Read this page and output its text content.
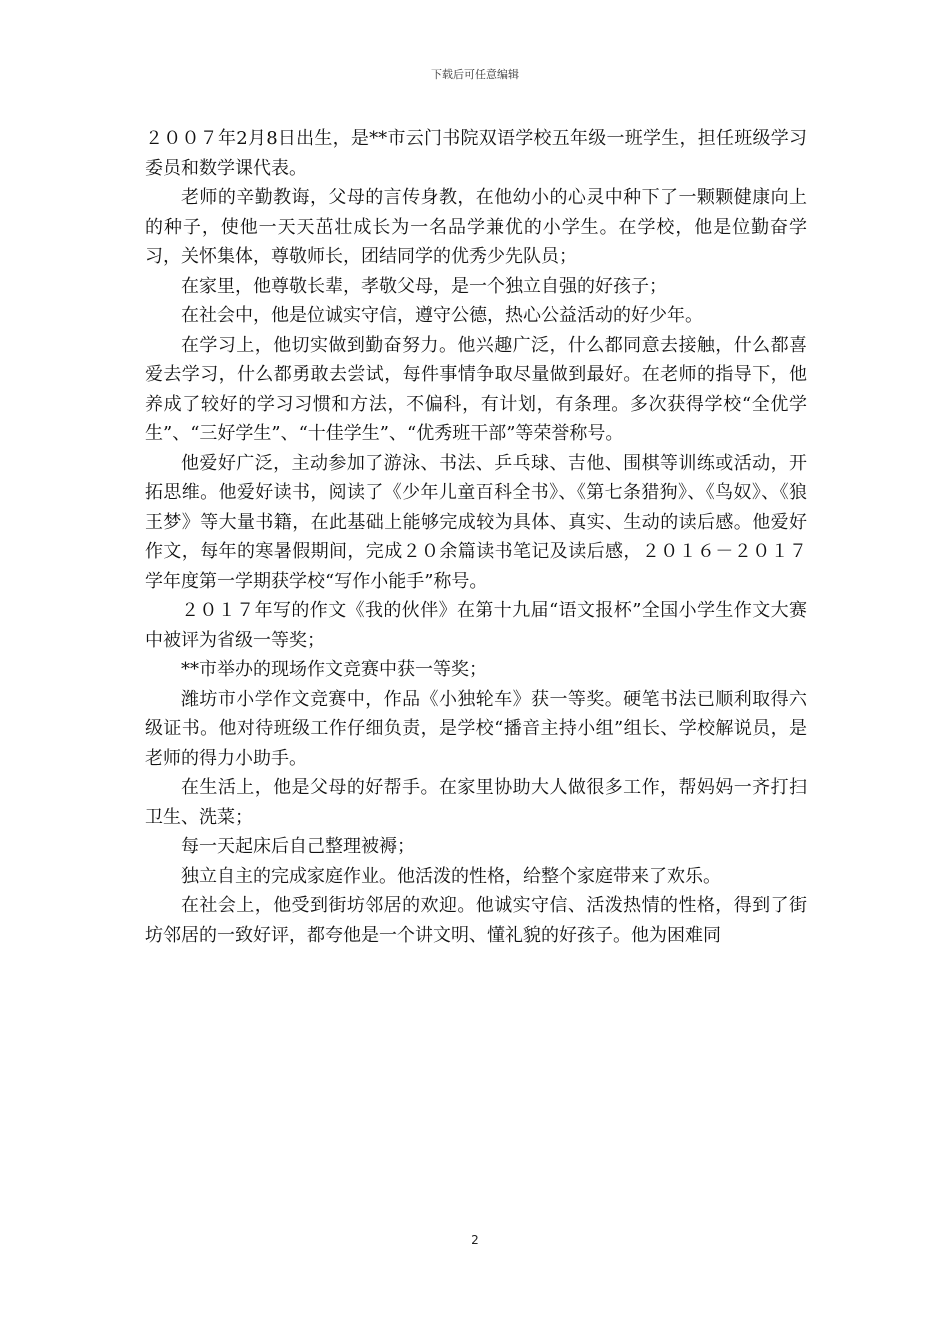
下载后可任意编辑

２００７年2月8日出生，是**市云门书院双语学校五年级一班学生，担任班级学习委员和数学课代表。

老师的辛勤教诲，父母的言传身教，在他幼小的心灵中种下了一颗颗健康向上的种子，使他一天天茁壮成长为一名品学兼优的小学生。在学校，他是位勤奋学习，关怀集体，尊敬师长，团结同学的优秀少先队员；

在家里，他尊敬长辈，孝敬父母，是一个独立自强的好孩子；

在社会中，他是位诚实守信，遵守公德，热心公益活动的好少年。

在学习上，他切实做到勤奋努力。他兴趣广泛，什么都同意去接触，什么都喜爱去学习，什么都勇敢去尝试，每件事情争取尽量做到最好。在老师的指导下，他养成了较好的学习习惯和方法，不偏科，有计划，有条理。多次获得学校“全优学生”、“三好学生”、“十佳学生”、“优秀班干部”等荣誉称号。

他爱好广泛，主动参加了游泳、书法、乒乓球、吉他、围棋等训练或活动，开拓思维。他爱好读书，阅读了《少年儿童百科全书》、《第七条猎狗》、《鸟奴》、《狼王梦》等大量书籍，在此基础上能够完成较为具体、真实、生动的读后感。他爱好作文，每年的寒暑假期间，完成２０余篇读书笔记及读后感，２０１６－２０１７学年度第一学期获学校“写作小能手”称号。

２０１７年写的作文《我的伙伴》在第十九届“语文报杯”全国小学生作文大赛中被评为省级一等奖；

**市举办的现场作文竞赛中获一等奖；

潍坊市小学作文竞赛中，作品《小独轮车》获一等奖。硬笔书法已顺利取得六级证书。他对待班级工作仔细负责，是学校“播音主持小组”组长、学校解说员，是老师的得力小助手。

在生活上，他是父母的好帮手。在家里协助大人做很多工作，帮妈妈一齐打扫卫生、洗菜；

每一天起床后自己整理被褥；

独立自主的完成家庭作业。他活泼的性格，给整个家庭带来了欢乐。

在社会上，他受到街坊邻居的欢迎。他诚实守信、活泼热情的性格，得到了街坊邻居的一致好评，都夸他是一个讲文明、懂礼貌的好孩子。他为困难同

2
